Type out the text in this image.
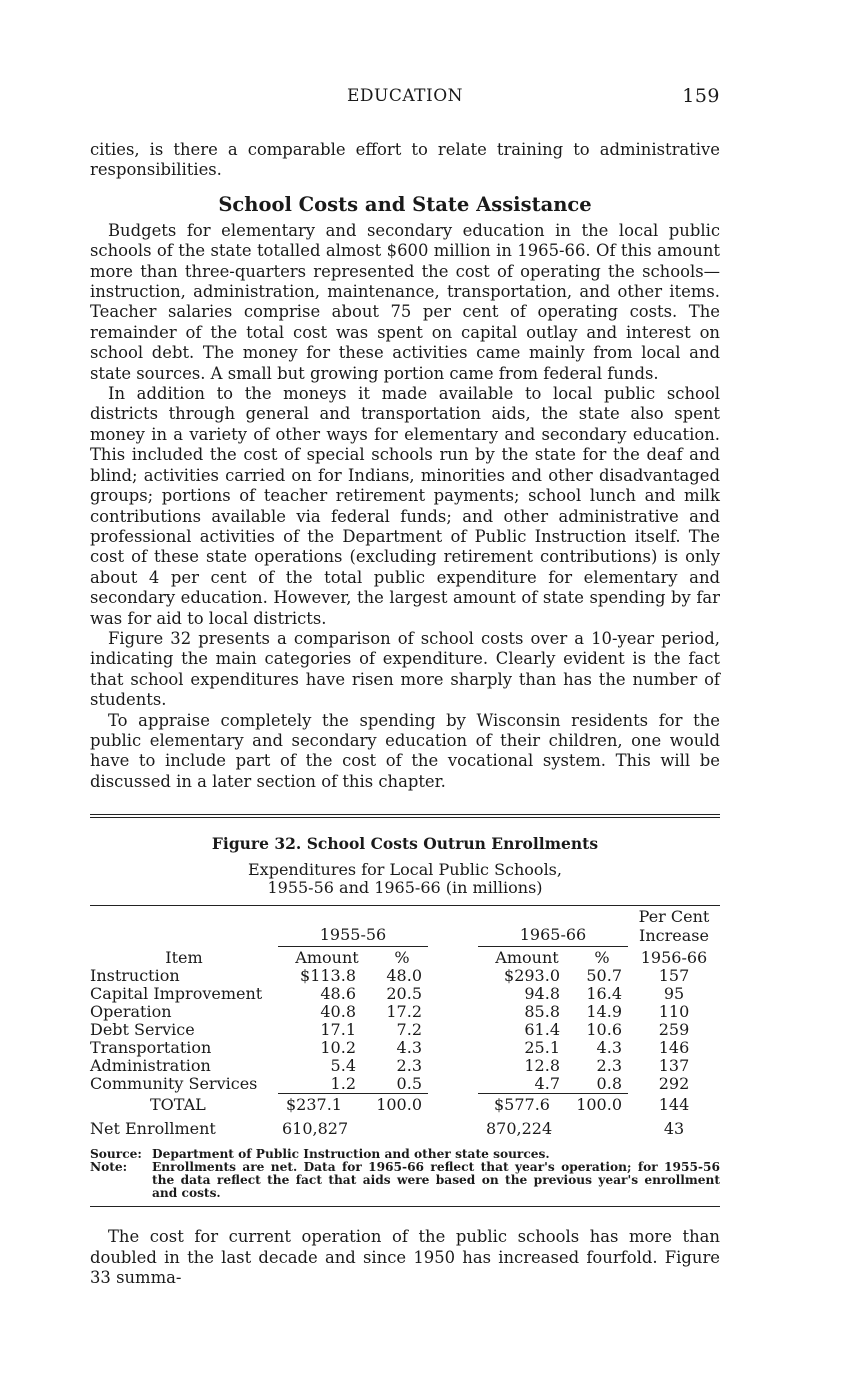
EDUCATION	159

cities, is there a comparable effort to relate training to administrative responsibilities.

School Costs and State Assistance

Budgets for elementary and secondary education in the local public schools of the state totalled almost $600 million in 1965-66. Of this amount more than three-quarters represented the cost of operating the schools—instruction, administration, maintenance, transportation, and other items. Teacher salaries comprise about 75 per cent of operating costs. The remainder of the total cost was spent on capital outlay and interest on school debt. The money for these activities came mainly from local and state sources. A small but growing portion came from federal funds.

In addition to the moneys it made available to local public school districts through general and transportation aids, the state also spent money in a variety of other ways for elementary and secondary education. This included the cost of special schools run by the state for the deaf and blind; activities carried on for Indians, minorities and other disadvantaged groups; portions of teacher retirement payments; school lunch and milk contributions available via federal funds; and other administrative and professional activities of the Department of Public Instruction itself. The cost of these state operations (excluding retirement contributions) is only about 4 per cent of the total public expenditure for elementary and secondary education. However, the largest amount of state spending by far was for aid to local districts.

Figure 32 presents a comparison of school costs over a 10-year period, indicating the main categories of expenditure. Clearly evident is the fact that school expenditures have risen more sharply than has the number of students.

To appraise completely the spending by Wisconsin residents for the public elementary and secondary education of their children, one would have to include part of the cost of the vocational system. This will be discussed in a later section of this chapter.

Figure 32. School Costs Outrun Enrollments
Expenditures for Local Public Schools,
1955-56 and 1965-66 (in millions)
						Per Cent
	1955-56			1965-66		Increase
Item	Amount	%		Amount	%	1956-66
Instruction	$113.8	48.0		$293.0	50.7	157
Capital Improvement	48.6	20.5		94.8	16.4	95
Operation	40.8	17.2		85.8	14.9	110
Debt Service	17.1	7.2		61.4	10.6	259
Transportation	10.2	4.3		25.1	4.3	146
Administration	5.4	2.3		12.8	2.3	137
Community Services	1.2	0.5		4.7	0.8	292
TOTAL	$237.1	100.0		$577.6	100.0	144
Net Enrollment	610,827			870,224		43
Source: Department of Public Instruction and other state sources.
Note:	Enrollments are net. Data for 1965-66 reflect that year's operation; for 1955-56 the data reflect the fact that aids were based on the previous year's enrollment and costs.

The cost for current operation of the public schools has more than doubled in the last decade and since 1950 has increased fourfold. Figure 33 summa-
